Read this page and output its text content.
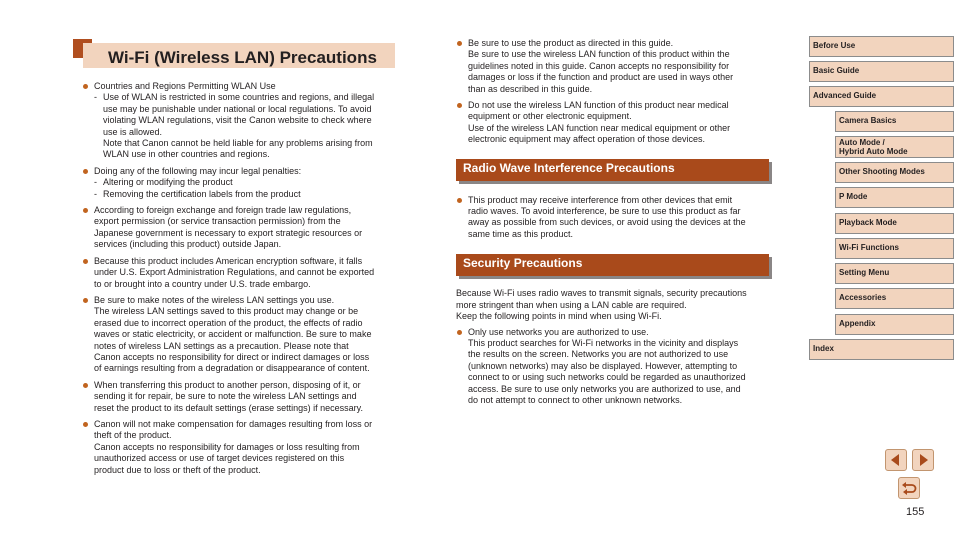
Wi-Fi (Wireless LAN) Precautions

Countries and Regions Permitting WLAN Use

- Use of WLAN is restricted in some countries and regions, and illegal

use may be punishable under national or local regulations. To avoid

violating WLAN regulations, visit the Canon website to check where

use is allowed.

Note that Canon cannot be held liable for any problems arising from

WLAN use in other countries and regions.

Doing any of the following may incur legal penalties:

- Altering or modifying the product

- Removing the certification labels from the product

According to foreign exchange and foreign trade law regulations,

export permission (or service transaction permission) from the

Japanese government is necessary to export strategic resources or

services (including this product) outside Japan.

Because this product includes American encryption software, it falls

under U.S. Export Administration Regulations, and cannot be exported

to or brought into a country under U.S. trade embargo.

Be sure to make notes of the wireless LAN settings you use.

The wireless LAN settings saved to this product may change or be

erased due to incorrect operation of the product, the effects of radio

waves or static electricity, or accident or malfunction. Be sure to make

notes of wireless LAN settings as a precaution. Please note that

Canon accepts no responsibility for direct or indirect damages or loss

of earnings resulting from a degradation or disappearance of content.

When transferring this product to another person, disposing of it, or

sending it for repair, be sure to note the wireless LAN settings and

reset the product to its default settings (erase settings) if necessary.

Canon will not make compensation for damages resulting from loss or

theft of the product.

Canon accepts no responsibility for damages or loss resulting from

unauthorized access or use of target devices registered on this

product due to loss or theft of the product.

Be sure to use the product as directed in this guide.

Be sure to use the wireless LAN function of this product within the

guidelines noted in this guide. Canon accepts no responsibility for

damages or loss if the function and product are used in ways other

than as described in this guide.

Do not use the wireless LAN function of this product near medical

equipment or other electronic equipment.

Use of the wireless LAN function near medical equipment or other

electronic equipment may affect operation of those devices.

Radio Wave Interference Precautions

This product may receive interference from other devices that emit

radio waves. To avoid interference, be sure to use this product as far

away as possible from such devices, or avoid using the devices at the

same time as this product.

Security Precautions

Because Wi-Fi uses radio waves to transmit signals, security precautions
more stringent than when using a LAN cable are required.
Keep the following points in mind when using Wi-Fi.

Only use networks you are authorized to use.

This product searches for Wi-Fi networks in the vicinity and displays

the results on the screen. Networks you are not authorized to use

(unknown networks) may also be displayed. However, attempting to

connect to or using such networks could be regarded as unauthorized

access. Be sure to use only networks you are authorized to use, and

do not attempt to connect to other unknown networks.

Before Use
Basic Guide
Advanced Guide
Camera Basics
Auto Mode /
Hybrid Auto Mode
Other Shooting Modes
P Mode
Playback Mode
Wi-Fi Functions
Setting Menu
Accessories
Appendix
Index
155
